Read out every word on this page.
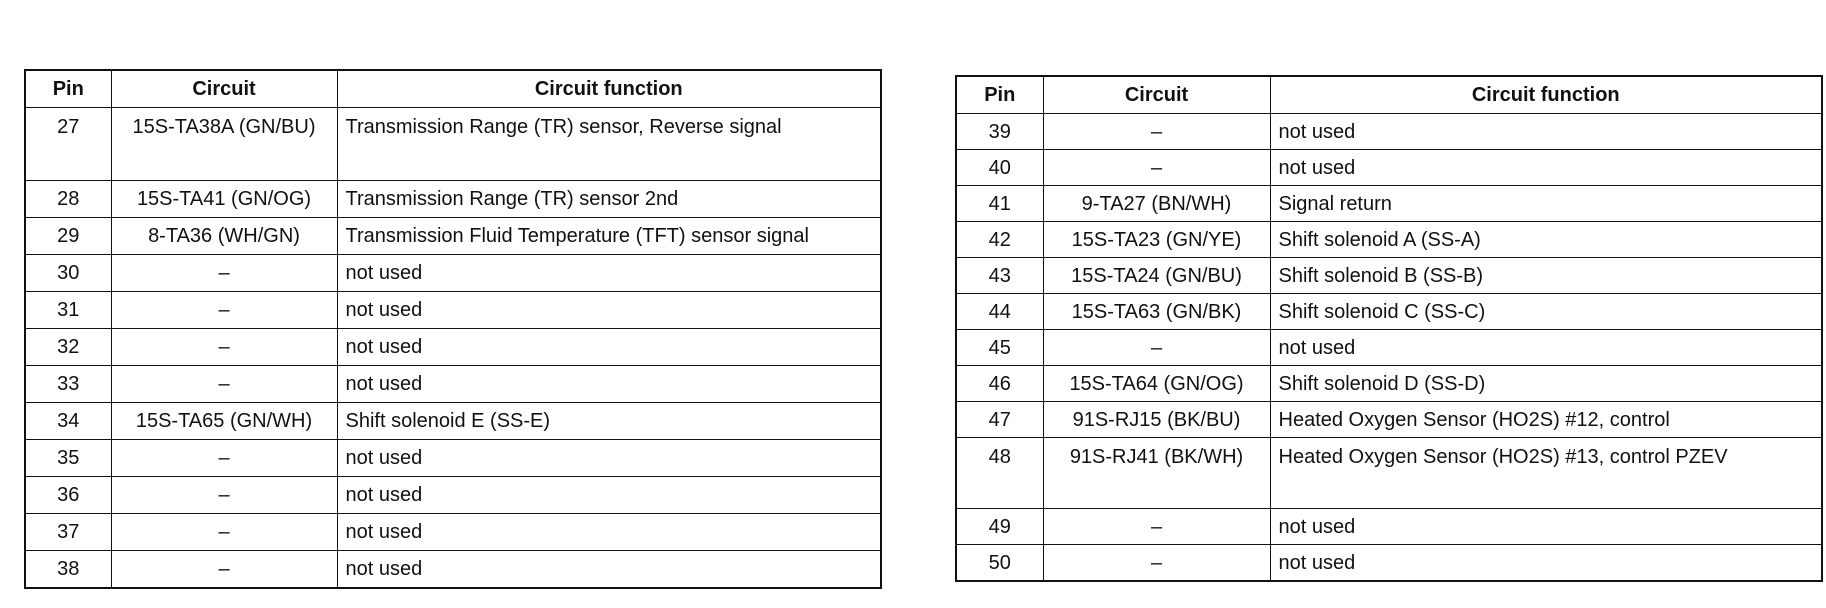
Pin	Circuit	Circuit function
27	15S-TA38A (GN/BU)	Transmission Range (TR) sensor, Reverse signal
28	15S-TA41 (GN/OG)	Transmission Range (TR) sensor 2nd
29	8-TA36 (WH/GN)	Transmission Fluid Temperature (TFT) sensor signal
30	–	not used
31	–	not used
32	–	not used
33	–	not used
34	15S-TA65 (GN/WH)	Shift solenoid E (SS-E)
35	–	not used
36	–	not used
37	–	not used
38	–	not used
Pin	Circuit	Circuit function
39	–	not used
40	–	not used
41	9-TA27 (BN/WH)	Signal return
42	15S-TA23 (GN/YE)	Shift solenoid A (SS-A)
43	15S-TA24 (GN/BU)	Shift solenoid B (SS-B)
44	15S-TA63 (GN/BK)	Shift solenoid C (SS-C)
45	–	not used
46	15S-TA64 (GN/OG)	Shift solenoid D (SS-D)
47	91S-RJ15 (BK/BU)	Heated Oxygen Sensor (HO2S) #12, control
48	91S-RJ41 (BK/WH)	Heated Oxygen Sensor (HO2S) #13, control PZEV
49	–	not used
50	–	not used
